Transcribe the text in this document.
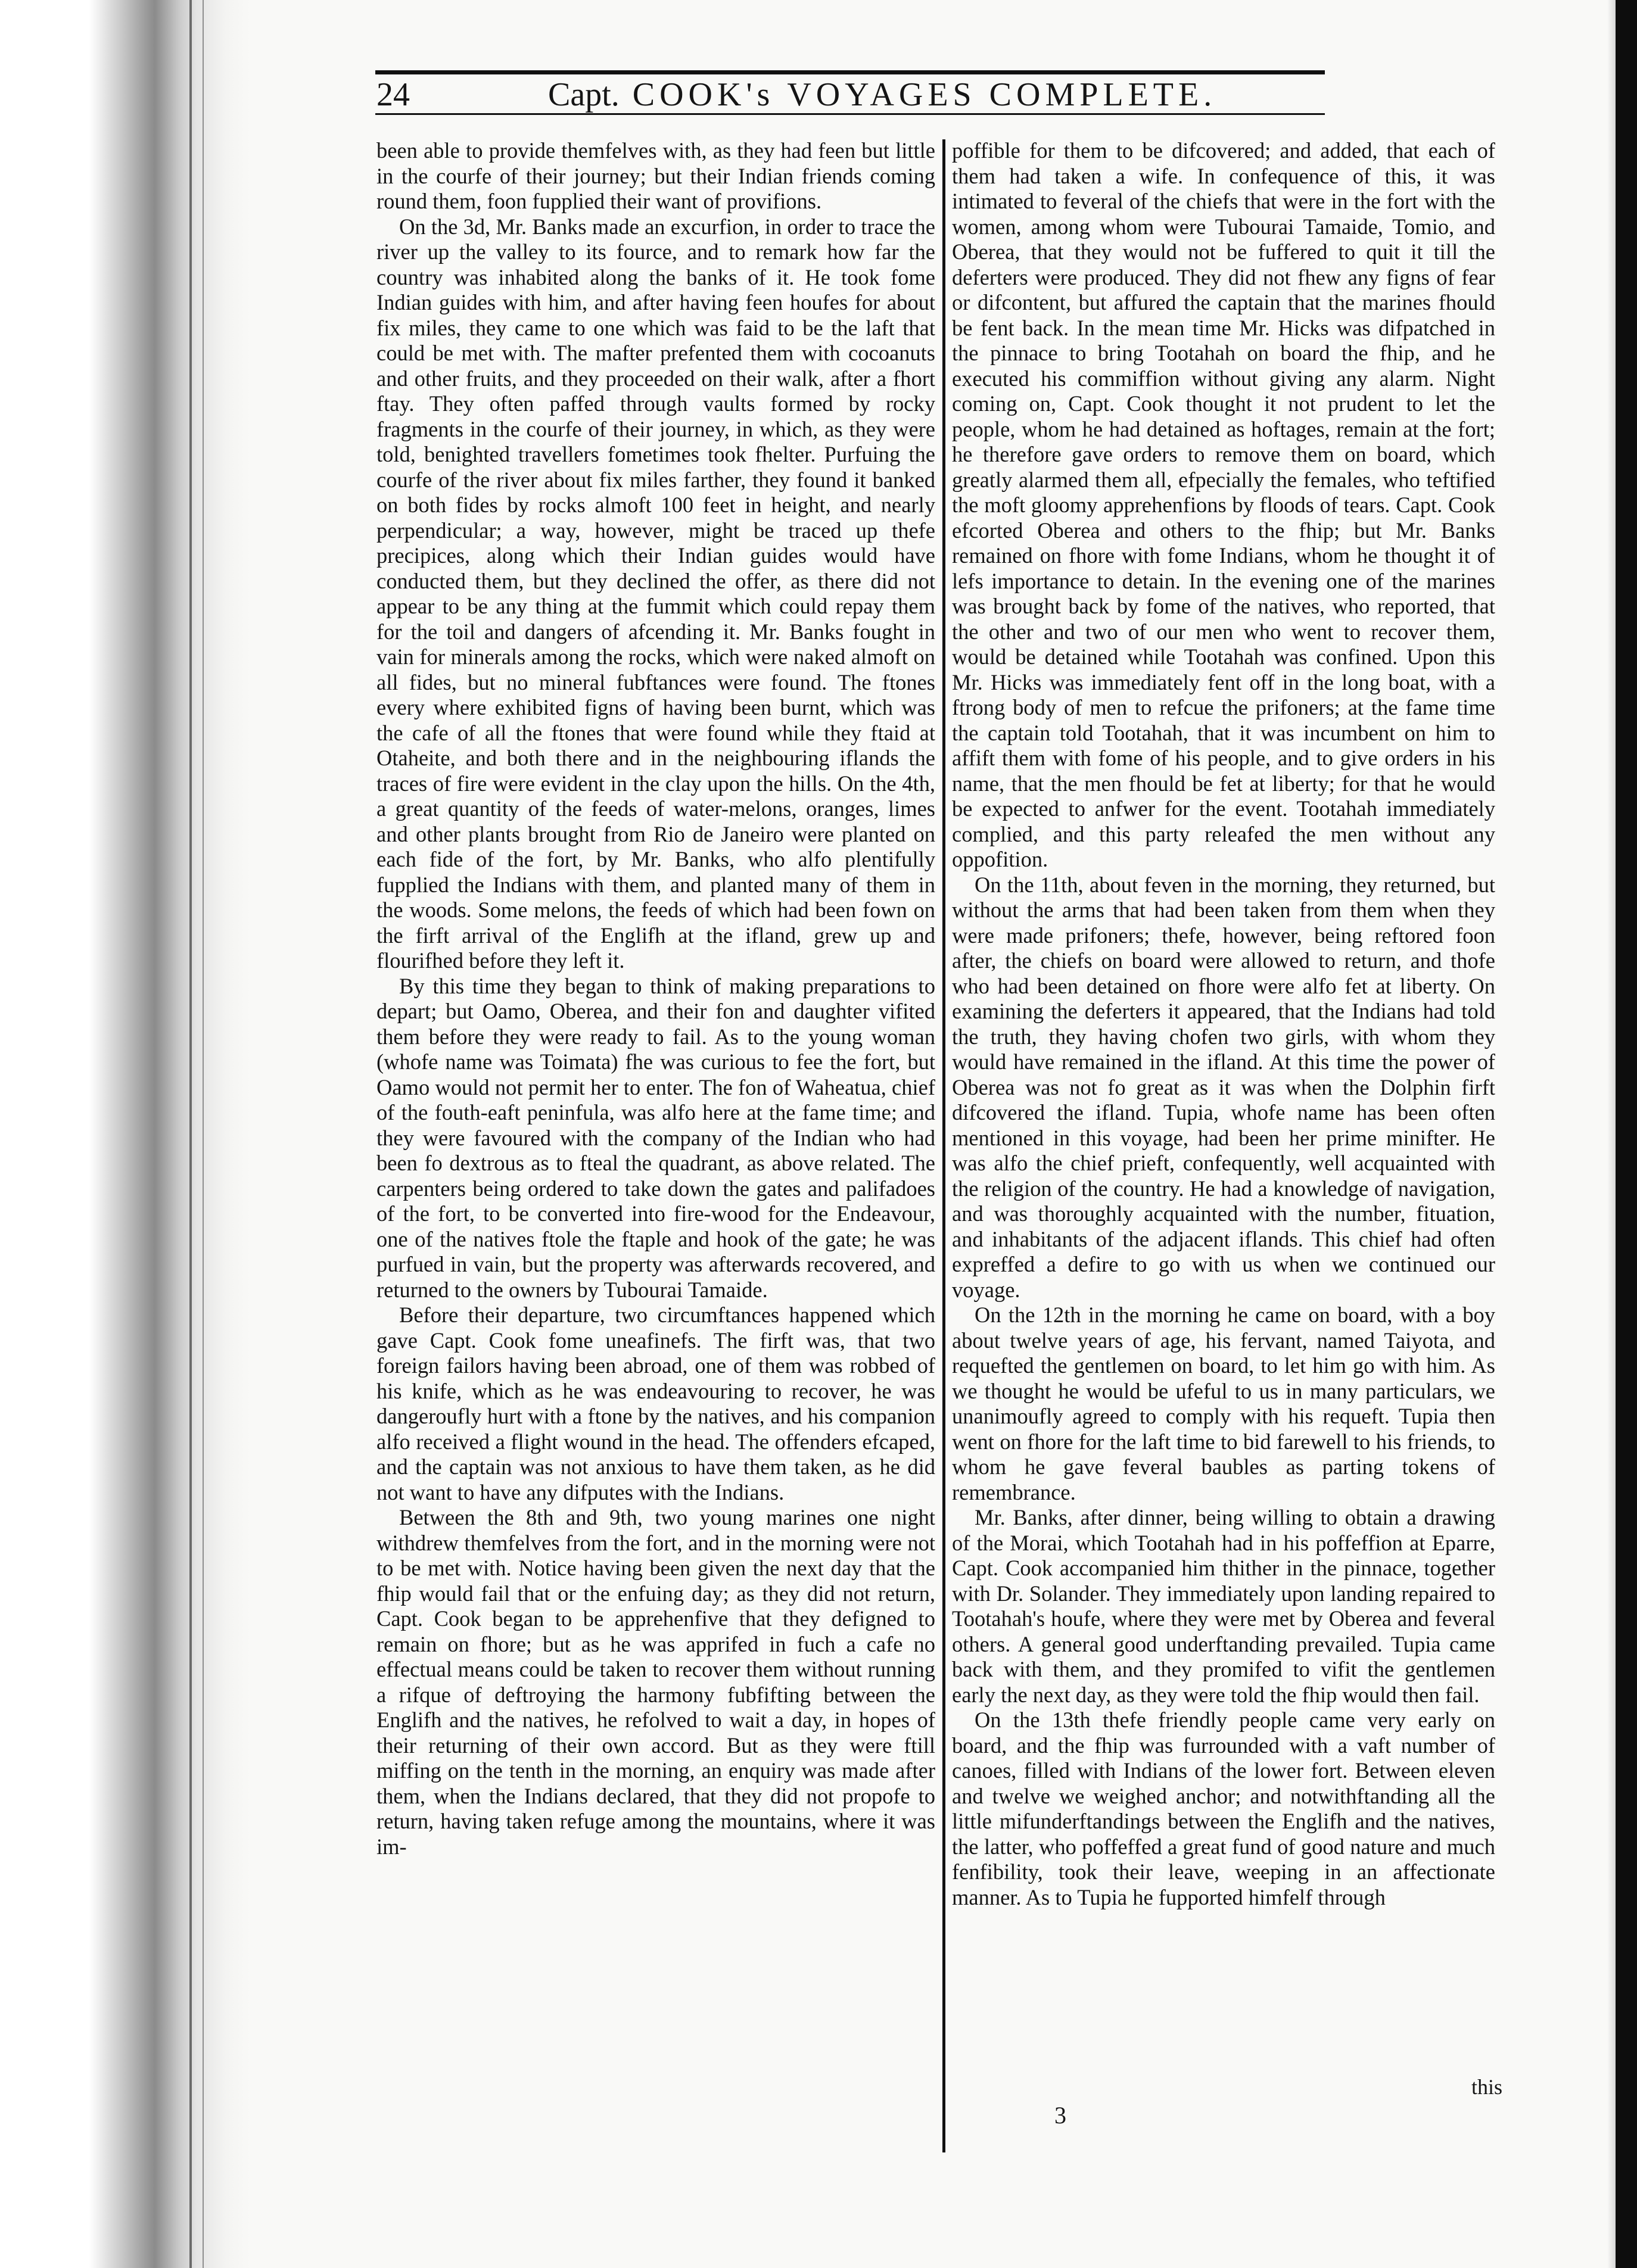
24	Capt. COOK's VOYAGES COMPLETE.

been able to provide themfelves with, as they had feen but little in the courfe of their journey; but their Indian friends coming round them, foon fupplied their want of provifions.

On the 3d, Mr. Banks made an excurfion, in order to trace the river up the valley to its fource, and to remark how far the country was inhabited along the banks of it. He took fome Indian guides with him, and after having feen houfes for about fix miles, they came to one which was faid to be the laft that could be met with. The mafter prefented them with cocoanuts and other fruits, and they proceeded on their walk, after a fhort ftay. They often paffed through vaults formed by rocky fragments in the courfe of their journey, in which, as they were told, benighted travellers fometimes took fhelter. Purfuing the courfe of the river about fix miles farther, they found it banked on both fides by rocks almoft 100 feet in height, and nearly perpendicular; a way, however, might be traced up thefe precipices, along which their Indian guides would have conducted them, but they declined the offer, as there did not appear to be any thing at the fummit which could repay them for the toil and dangers of afcending it. Mr. Banks fought in vain for minerals among the rocks, which were naked almoft on all fides, but no mineral fubftances were found. The ftones every where exhibited figns of having been burnt, which was the cafe of all the ftones that were found while they ftaid at Otaheite, and both there and in the neighbouring iflands the traces of fire were evident in the clay upon the hills. On the 4th, a great quantity of the feeds of water-melons, oranges, limes and other plants brought from Rio de Janeiro were planted on each fide of the fort, by Mr. Banks, who alfo plentifully fupplied the Indians with them, and planted many of them in the woods. Some melons, the feeds of which had been fown on the firft arrival of the Englifh at the ifland, grew up and flourifhed before they left it.

By this time they began to think of making preparations to depart; but Oamo, Oberea, and their fon and daughter vifited them before they were ready to fail. As to the young woman (whofe name was Toimata) fhe was curious to fee the fort, but Oamo would not permit her to enter. The fon of Waheatua, chief of the fouth-eaft peninfula, was alfo here at the fame time; and they were favoured with the company of the Indian who had been fo dextrous as to fteal the quadrant, as above related. The carpenters being ordered to take down the gates and palifadoes of the fort, to be converted into fire-wood for the Endeavour, one of the natives ftole the ftaple and hook of the gate; he was purfued in vain, but the property was afterwards recovered, and returned to the owners by Tubourai Tamaide.

Before their departure, two circumftances happened which gave Capt. Cook fome uneafinefs. The firft was, that two foreign failors having been abroad, one of them was robbed of his knife, which as he was endeavouring to recover, he was dangeroufly hurt with a ftone by the natives, and his companion alfo received a flight wound in the head. The offenders efcaped, and the captain was not anxious to have them taken, as he did not want to have any difputes with the Indians.

Between the 8th and 9th, two young marines one night withdrew themfelves from the fort, and in the morning were not to be met with. Notice having been given the next day that the fhip would fail that or the enfuing day; as they did not return, Capt. Cook began to be apprehenfive that they defigned to remain on fhore; but as he was apprifed in fuch a cafe no effectual means could be taken to recover them without running a rifque of deftroying the harmony fubfifting between the Englifh and the natives, he refolved to wait a day, in hopes of their returning of their own accord. But as they were ftill miffing on the tenth in the morning, an enquiry was made after them, when the Indians declared, that they did not propofe to return, having taken refuge among the mountains, where it was im-

poffible for them to be difcovered; and added, that each of them had taken a wife. In confequence of this, it was intimated to feveral of the chiefs that were in the fort with the women, among whom were Tubourai Tamaide, Tomio, and Oberea, that they would not be fuffered to quit it till the deferters were produced. They did not fhew any figns of fear or difcontent, but affured the captain that the marines fhould be fent back. In the mean time Mr. Hicks was difpatched in the pinnace to bring Tootahah on board the fhip, and he executed his commiffion without giving any alarm. Night coming on, Capt. Cook thought it not prudent to let the people, whom he had detained as hoftages, remain at the fort; he therefore gave orders to remove them on board, which greatly alarmed them all, efpecially the females, who teftified the moft gloomy apprehenfions by floods of tears. Capt. Cook efcorted Oberea and others to the fhip; but Mr. Banks remained on fhore with fome Indians, whom he thought it of lefs importance to detain. In the evening one of the marines was brought back by fome of the natives, who reported, that the other and two of our men who went to recover them, would be detained while Tootahah was confined. Upon this Mr. Hicks was immediately fent off in the long boat, with a ftrong body of men to refcue the prifoners; at the fame time the captain told Tootahah, that it was incumbent on him to affift them with fome of his people, and to give orders in his name, that the men fhould be fet at liberty; for that he would be expected to anfwer for the event. Tootahah immediately complied, and this party releafed the men without any oppofition.

On the 11th, about feven in the morning, they returned, but without the arms that had been taken from them when they were made prifoners; thefe, however, being reftored foon after, the chiefs on board were allowed to return, and thofe who had been detained on fhore were alfo fet at liberty. On examining the deferters it appeared, that the Indians had told the truth, they having chofen two girls, with whom they would have remained in the ifland. At this time the power of Oberea was not fo great as it was when the Dolphin firft difcovered the ifland. Tupia, whofe name has been often mentioned in this voyage, had been her prime minifter. He was alfo the chief prieft, confequently, well acquainted with the religion of the country. He had a knowledge of navigation, and was thoroughly acquainted with the number, fituation, and inhabitants of the adjacent iflands. This chief had often expreffed a defire to go with us when we continued our voyage.

On the 12th in the morning he came on board, with a boy about twelve years of age, his fervant, named Taiyota, and requefted the gentlemen on board, to let him go with him. As we thought he would be ufeful to us in many particulars, we unanimoufly agreed to comply with his requeft. Tupia then went on fhore for the laft time to bid farewell to his friends, to whom he gave feveral baubles as parting tokens of remembrance.

Mr. Banks, after dinner, being willing to obtain a drawing of the Morai, which Tootahah had in his poffeffion at Eparre, Capt. Cook accompanied him thither in the pinnace, together with Dr. Solander. They immediately upon landing repaired to Tootahah's houfe, where they were met by Oberea and feveral others. A general good underftanding prevailed. Tupia came back with them, and they promifed to vifit the gentlemen early the next day, as they were told the fhip would then fail.

On the 13th thefe friendly people came very early on board, and the fhip was furrounded with a vaft number of canoes, filled with Indians of the lower fort. Between eleven and twelve we weighed anchor; and notwithftanding all the little mifunderftandings between the Englifh and the natives, the latter, who poffeffed a great fund of good nature and much fenfibility, took their leave, weeping in an affectionate manner. As to Tupia he fupported himfelf through

this
3
